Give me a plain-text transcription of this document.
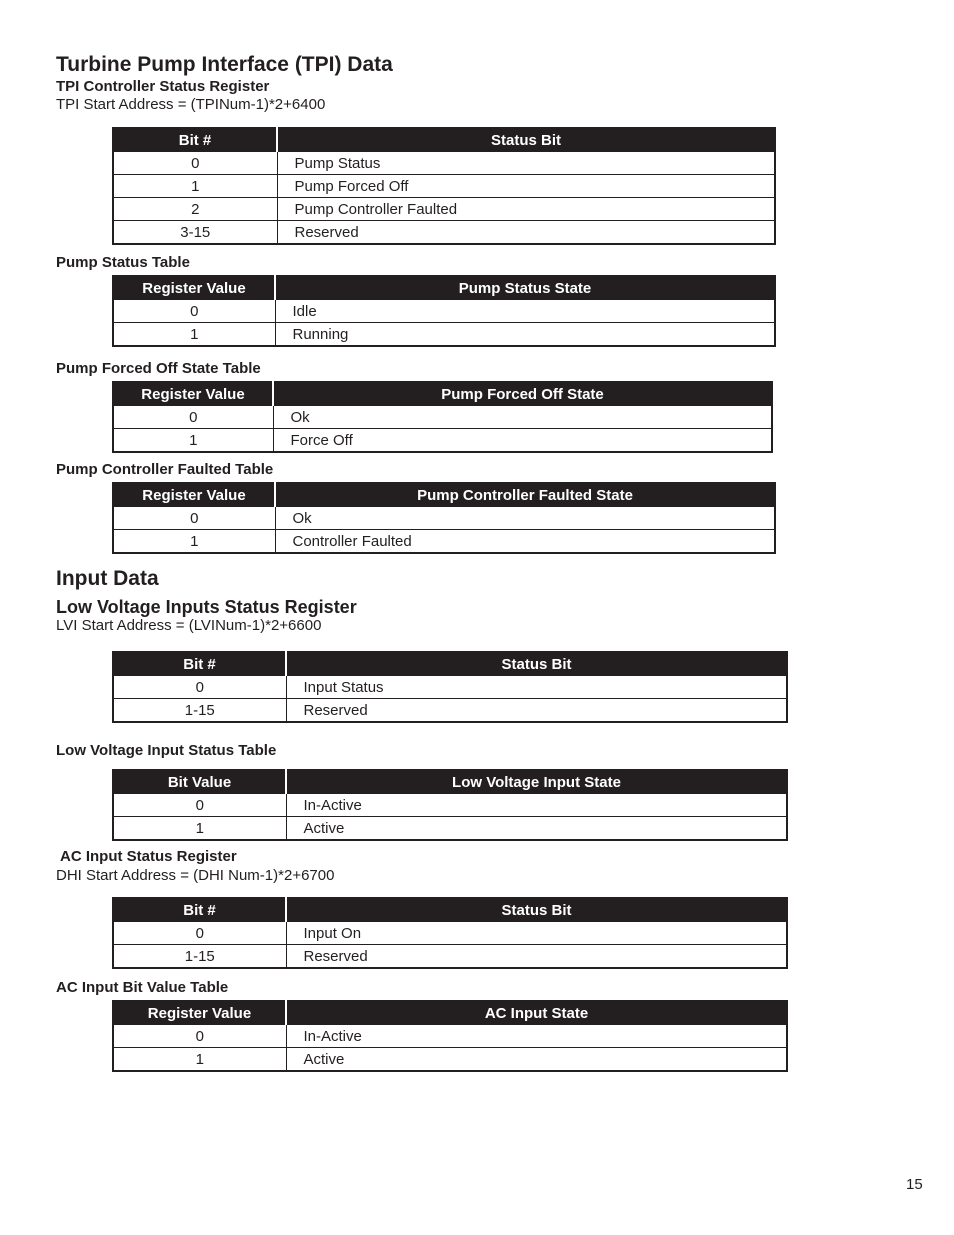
Turbine Pump Interface (TPI) Data
TPI Controller Status Register
TPI Start Address = (TPINum-1)*2+6400
Bit #	Status Bit
0	Pump Status
1	Pump Forced Off
2	Pump Controller Faulted
3-15	Reserved
Pump Status Table
Register Value	Pump Status State
0	Idle
1	Running
Pump Forced Off State Table
Register Value	Pump Forced Off State
0	Ok
1	Force Off
Pump Controller Faulted Table
Register Value	Pump Controller Faulted State
0	Ok
1	Controller Faulted
Input Data
Low Voltage Inputs Status Register
LVI Start Address = (LVINum-1)*2+6600
Bit #	Status Bit
0	Input Status
1-15	Reserved
Low Voltage Input Status Table
Bit Value	Low Voltage Input State
0	In-Active
1	Active
AC Input Status Register
DHI Start Address = (DHI Num-1)*2+6700
Bit #	Status Bit
0	Input On
1-15	Reserved
AC Input Bit Value Table
Register Value	AC Input State
0	In-Active
1	Active
15
